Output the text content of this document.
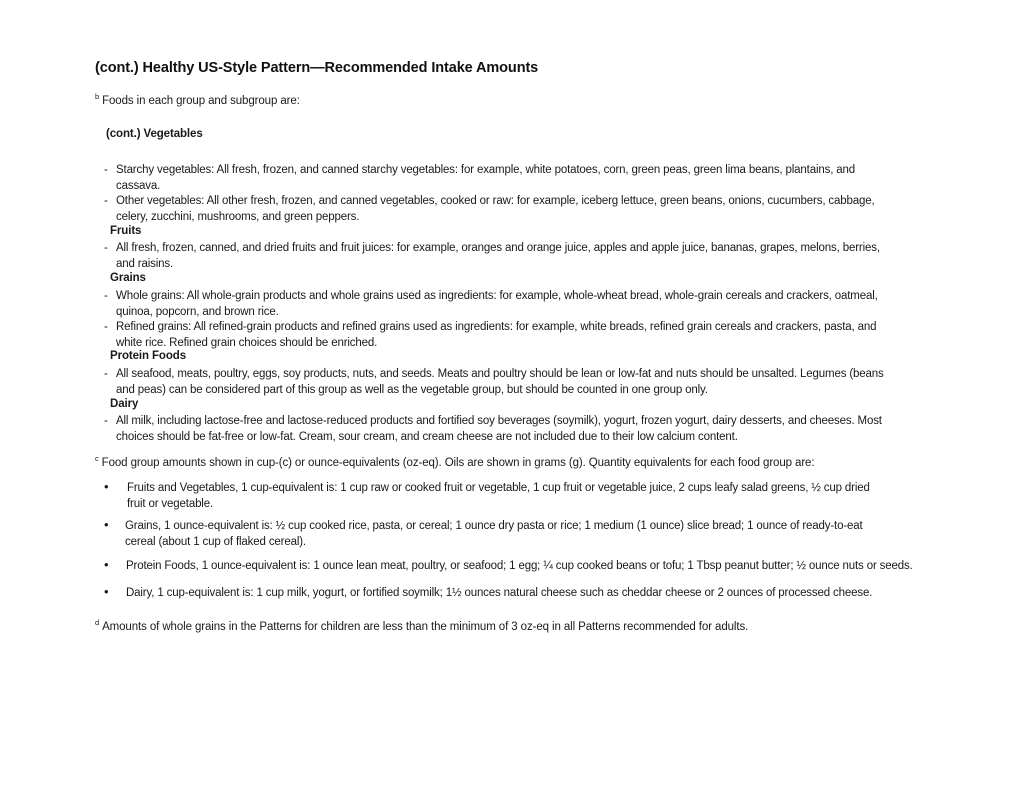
(cont.) Healthy US-Style Pattern—Recommended Intake Amounts
$^b$ Foods in each group and subgroup are:
(cont.) Vegetables
- Starchy vegetables: All fresh, frozen, and canned starchy vegetables: for example, white potatoes, corn, green peas, green lima beans, plantains, and
cassava.
- Other vegetables: All other fresh, frozen, and canned vegetables, cooked or raw: for example, iceberg lettuce, green beans, onions, cucumbers, cabbage,
celery, zucchini, mushrooms, and green peppers.
Fruits
- All fresh, frozen, canned, and dried fruits and fruit juices: for example, oranges and orange juice, apples and apple juice, bananas, grapes, melons, berries,
and raisins.
Grains
- Whole grains: All whole-grain products and whole grains used as ingredients: for example, whole-wheat bread, whole-grain cereals and crackers, oatmeal,
quinoa, popcorn, and brown rice.
- Refined grains: All refined-grain products and refined grains used as ingredients: for example, white breads, refined grain cereals and crackers, pasta, and
white rice. Refined grain choices should be enriched.
Protein Foods
- All seafood, meats, poultry, eggs, soy products, nuts, and seeds. Meats and poultry should be lean or low-fat and nuts should be unsalted. Legumes (beans
and peas) can be considered part of this group as well as the vegetable group, but should be counted in one group only.
Dairy
- All milk, including lactose-free and lactose-reduced products and fortified soy beverages (soymilk), yogurt, frozen yogurt, dairy desserts, and cheeses. Most
choices should be fat-free or low-fat. Cream, sour cream, and cream cheese are not included due to their low calcium content.
$^c$ Food group amounts shown in cup-(c) or ounce-equivalents (oz-eq). Oils are shown in grams (g). Quantity equivalents for each food group are:
• Fruits and Vegetables, 1 cup-equivalent is: 1 cup raw or cooked fruit or vegetable, 1 cup fruit or vegetable juice, 2 cups leafy salad greens, ½ cup dried
fruit or vegetable.
• Grains, 1 ounce-equivalent is: ½ cup cooked rice, pasta, or cereal; 1 ounce dry pasta or rice; 1 medium (1 ounce) slice bread; 1 ounce of ready-to-eat
cereal (about 1 cup of flaked cereal).
• Protein Foods, 1 ounce-equivalent is: 1 ounce lean meat, poultry, or seafood; 1 egg; ¼ cup cooked beans or tofu; 1 Tbsp peanut butter; ½ ounce nuts or seeds.
• Dairy, 1 cup-equivalent is: 1 cup milk, yogurt, or fortified soymilk; 1½ ounces natural cheese such as cheddar cheese or 2 ounces of processed cheese.
$^d$ Amounts of whole grains in the Patterns for children are less than the minimum of 3 oz-eq in all Patterns recommended for adults.
